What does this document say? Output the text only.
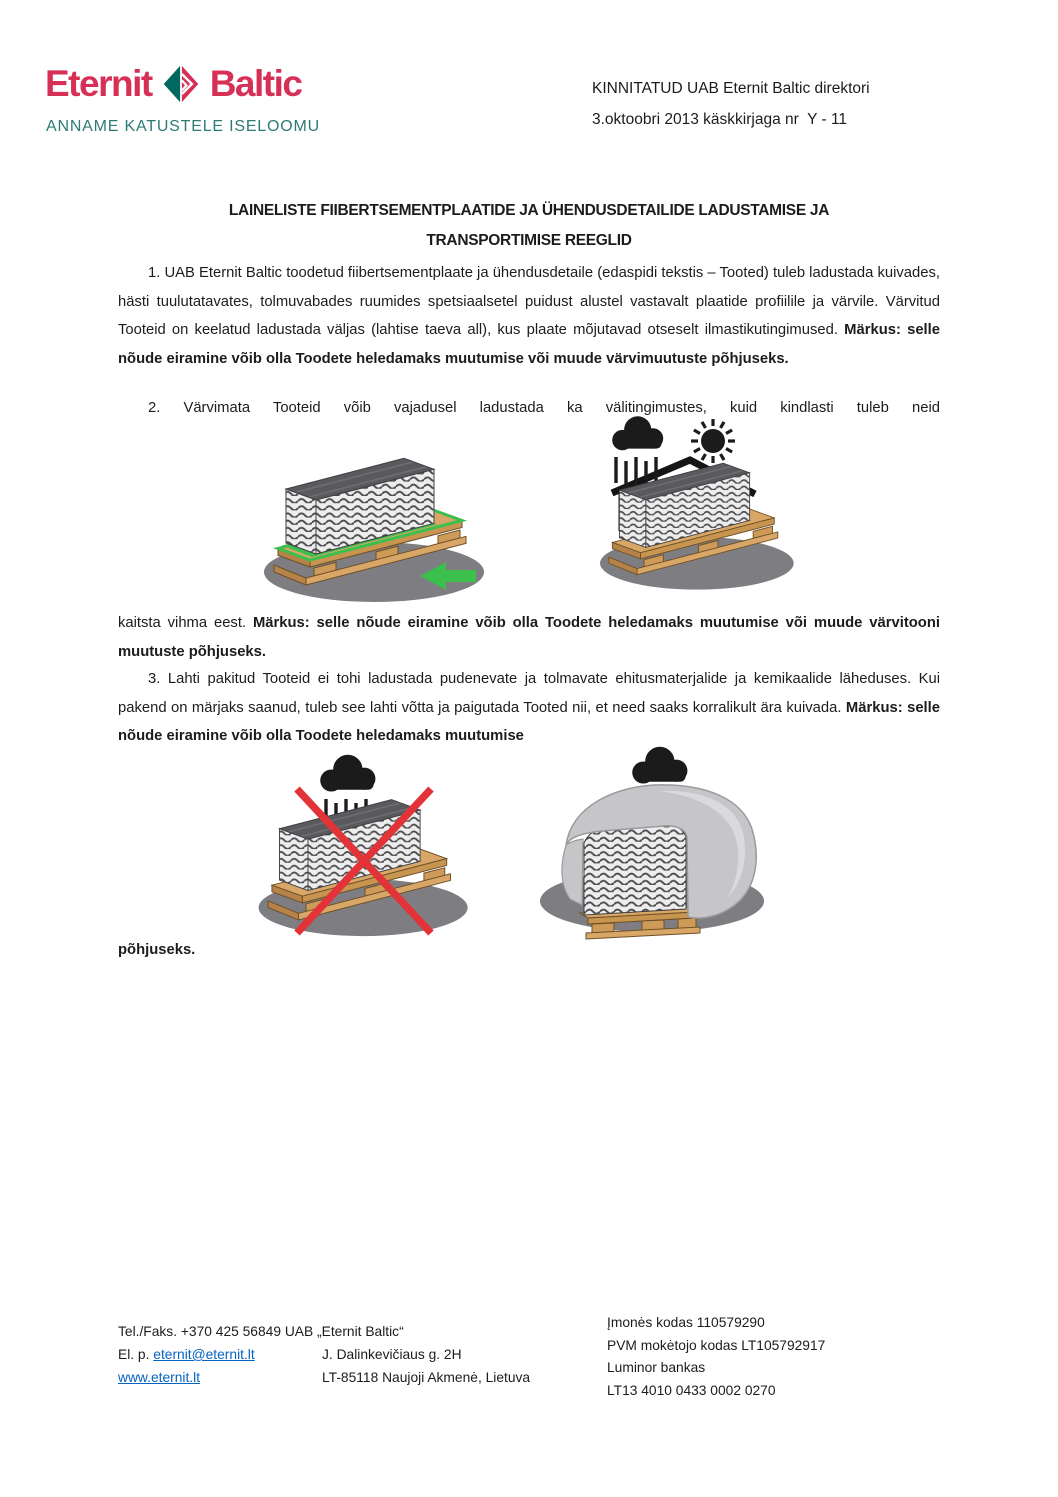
Eternit Baltic
ANNAME KATUSTELE ISELOOMU
KINNITATUD UAB Eternit Baltic direktori
3.oktoobri 2013 käskkirjaga nr  Y - 11
LAINELISTE FIIBERTSEMENTPLAATIDE JA ÜHENDUSDETAILIDE LADUSTAMISE JA
TRANSPORTIMISE REEGLID
1. UAB Eternit Baltic toodetud fiibertsementplaate ja ühendusdetaile (edaspidi tekstis – Tooted) tuleb ladustada kuivades, hästi tuulutatavates, tolmuvabades ruumides spetsiaalsetel puidust alustel vastavalt plaatide profiilile ja värvile. Värvitud Tooteid on keelatud ladustada väljas (lahtise taeva all), kus plaate mõjutavad otseselt ilmastikutingimused. Märkus: selle nõude eiramine võib olla Toodete heledamaks muutumise või muude värvimuutuste põhjuseks.
2. Värvimata Tooteid võib vajadusel ladustada ka välitingimustes, kuid kindlasti tuleb neid
kaitsta vihma eest. Märkus: selle nõude eiramine võib olla Toodete heledamaks muutumise või muude värvitooni muutuste põhjuseks.
3. Lahti pakitud Tooteid ei tohi ladustada pudenevate ja tolmavate ehitusmaterjalide ja kemikaalide läheduses. Kui pakend on märjaks saanud, tuleb see lahti võtta ja paigutada Tooted nii, et need saaks korralikult ära kuivada. Märkus: selle nõude eiramine võib olla Toodete heledamaks muutumise
põhjuseks.
Tel./Faks. +370 425 56849 UAB „Eternit Baltic“
El. p. eternit@eternit.lt	J. Dalinkevičiaus g. 2H
www.eternit.lt	LT-85118 Naujoji Akmenė, Lietuva
Įmonės kodas 110579290
PVM mokėtojo kodas LT105792917
Luminor bankas
LT13 4010 0433 0002 0270
